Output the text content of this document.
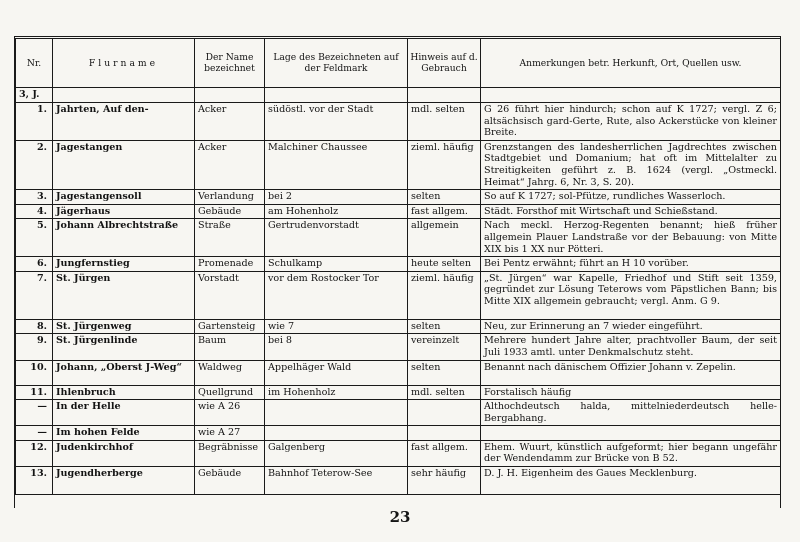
Nr.	Flurname	Der Name bezeichnet	Lage des Bezeichneten auf der Feldmark	Hinweis auf d. Gebrauch	Anmerkungen betr. Herkunft, Ort, Quellen usw.
3, J.					
1.	Jahrten, Auf den-	Acker	südöstl. vor der Stadt	mdl. selten	G 26 führt hier hindurch; schon auf K 1727; vergl. Z 6; altsächsisch gard-Gerte, Rute, also Ackerstücke von kleiner Breite.
2.	Jagestangen	Acker	Malchiner Chaussee	zieml. häufig	Grenzstangen des landesherrlichen Jagdrechtes zwischen Stadtgebiet und Domanium; hat oft im Mittelalter zu Streitigkeiten geführt z. B. 1624 (vergl. „Ostmeckl. Heimat“ Jahrg. 6, Nr. 3, S. 20).
3.	Jagestangensoll	Verlandung	bei 2	selten	So auf K 1727; sol-Pfütze, rundliches Wasserloch.
4.	Jägerhaus	Gebäude	am Hohenholz	fast allgem.	Städt. Forsthof mit Wirtschaft und Schießstand.
5.	Johann Albrechtstraße	Straße	Gertrudenvorstadt	allgemein	Nach meckl. Herzog-Regenten benannt; hieß früher allgemein Plauer Landstraße vor der Bebauung: von Mitte XIX bis 1 XX nur Pötteri.
6.	Jungfernstieg	Promenade	Schulkamp	heute selten	Bei Pentz erwähnt; führt an H 10 vorüber.
7.	St. Jürgen	Vorstadt	vor dem Rostocker Tor	zieml. häufig	„St. Jürgen“ war Kapelle, Friedhof und Stift seit 1359, gegründet zur Lösung Teterows vom Päpstlichen Bann; bis Mitte XIX allgemein gebraucht; vergl. Anm. G 9.
8.	St. Jürgenweg	Gartensteig	wie 7	selten	Neu, zur Erinnerung an 7 wieder eingeführt.
9.	St. Jürgenlinde	Baum	bei 8	vereinzelt	Mehrere hundert Jahre alter, prachtvoller Baum, der seit Juli 1933 amtl. unter Denkmalschutz steht.
10.	Johann, „Oberst J-Weg“	Waldweg	Appelhäger Wald	selten	Benannt nach dänischem Offizier Johann v. Zepelin.
11.	Ihlenbruch	Quellgrund	im Hohenholz	mdl. selten	Forstalisch häufig
—	In der Helle	wie A 26			Althochdeutsch halda, mittelniederdeutsch helle-Bergabhang.
—	Im hohen Felde	wie A 27			
12.	Judenkirchhof	Begräbnisse	Galgenberg	fast allgem.	Ehem. Wuurt, künstlich aufgeformt; hier begann ungefähr der Wendendamm zur Brücke von B 52.
13.	Jugendherberge	Gebäude	Bahnhof Teterow-See	sehr häufig	D. J. H. Eigenheim des Gaues Mecklenburg.
23
